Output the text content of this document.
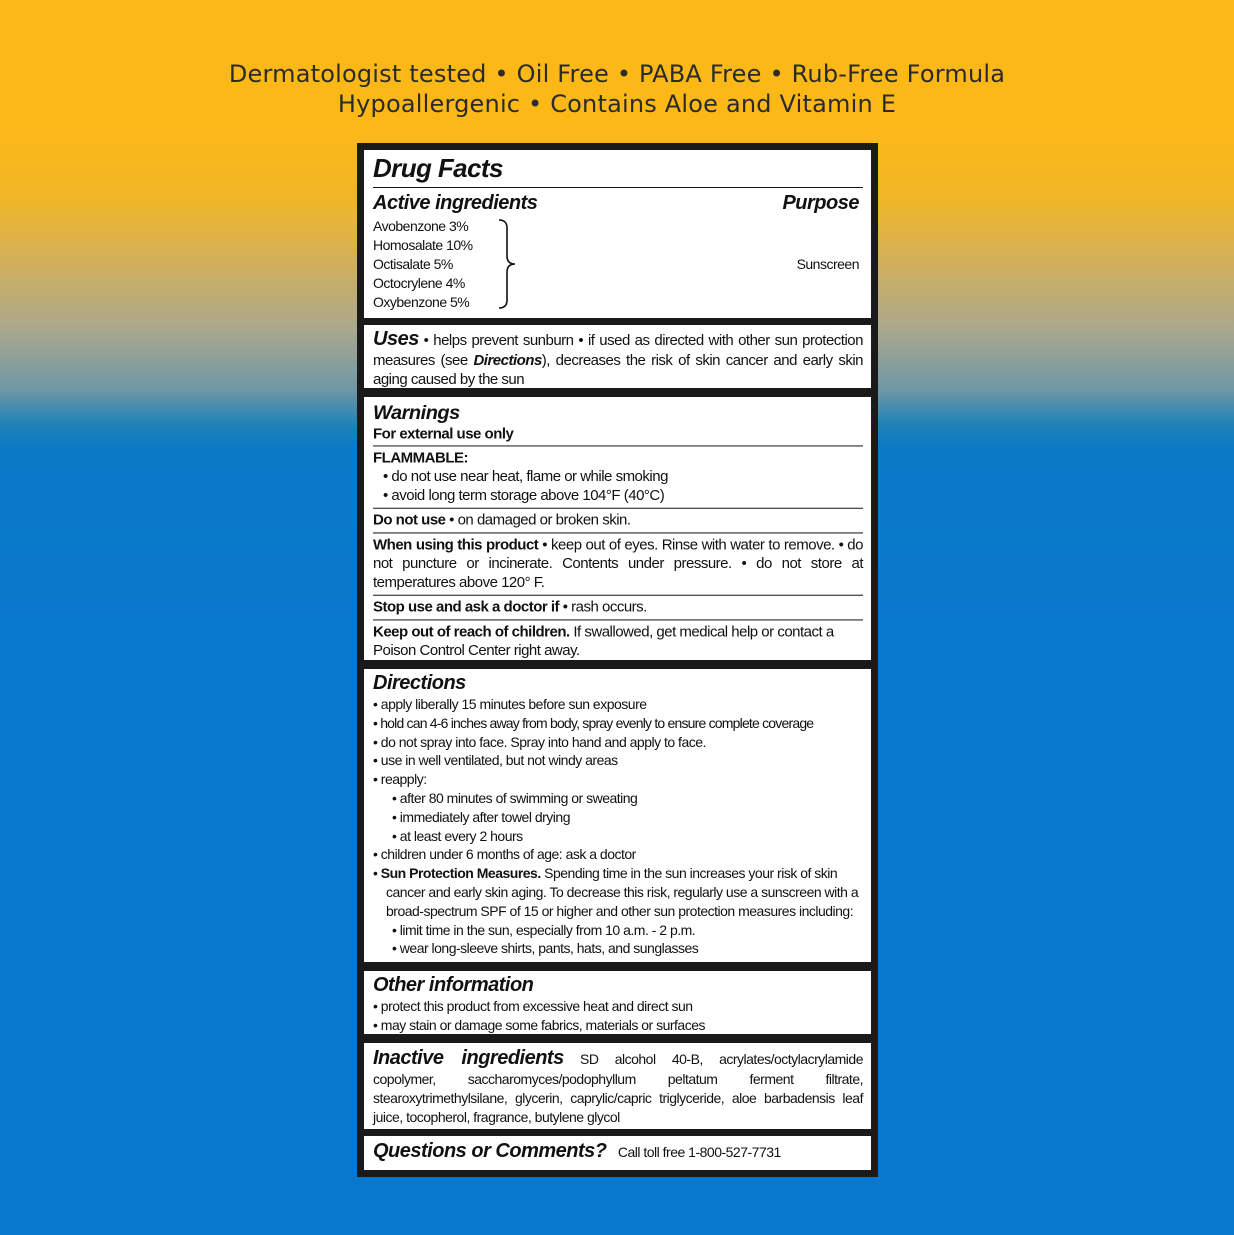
Dermatologist tested • Oil Free • PABA Free • Rub-Free Formula
Hypoallergenic • Contains Aloe and Vitamin E
Drug Facts
Active ingredients	Purpose
Avobenzone 3%
Homosalate 10%
Octisalate 5%
Octocrylene 4%
Oxybenzone 5%
Sunscreen
Uses • helps prevent sunburn • if used as directed with other sun protection measures (see Directions), decreases the risk of skin cancer and early skin aging caused by the sun
Warnings
For external use only
FLAMMABLE:
• do not use near heat, flame or while smoking
• avoid long term storage above 104°F (40°C)
Do not use • on damaged or broken skin.
When using this product • keep out of eyes. Rinse with water to remove. • do not puncture or incinerate. Contents under pressure. • do not store at temperatures above 120° F.
Stop use and ask a doctor if • rash occurs.
Keep out of reach of children. If swallowed, get medical help or contact a Poison Control Center right away.
Directions
• apply liberally 15 minutes before sun exposure
• hold can 4-6 inches away from body, spray evenly to ensure complete coverage
• do not spray into face. Spray into hand and apply to face.
• use in well ventilated, but not windy areas
• reapply:
• after 80 minutes of swimming or sweating
• immediately after towel drying
• at least every 2 hours
• children under 6 months of age: ask a doctor
• Sun Protection Measures. Spending time in the sun increases your risk of skin cancer and early skin aging. To decrease this risk, regularly use a sunscreen with a broad-spectrum SPF of 15 or higher and other sun protection measures including:
• limit time in the sun, especially from 10 a.m. - 2 p.m.
• wear long-sleeve shirts, pants, hats, and sunglasses
Other information
• protect this product from excessive heat and direct sun
• may stain or damage some fabrics, materials or surfaces
Inactive ingredients SD alcohol 40-B, acrylates/octylacrylamide copolymer, saccharomyces/podophyllum peltatum ferment filtrate, stearoxytrimethylsilane, glycerin, caprylic/capric triglyceride, aloe barbadensis leaf juice, tocopherol, fragrance, butylene glycol
Questions or Comments? Call toll free 1-800-527-7731
